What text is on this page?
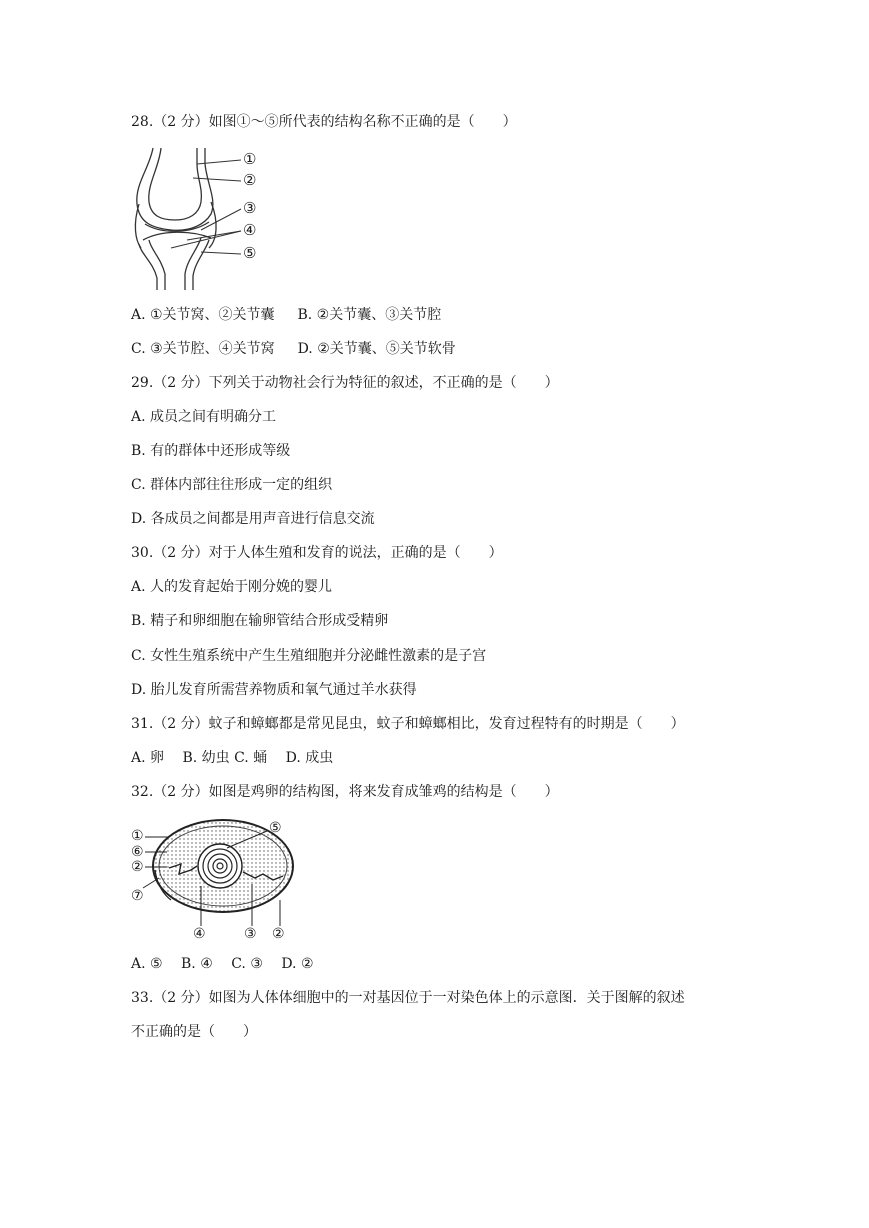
28.（2 分）如图①～⑤所代表的结构名称不正确的是（　　）
①
②
③
④
⑤
A. ①关节窝、②关节囊　  B. ②关节囊、③关节腔
C. ③关节腔、④关节窝　  D. ②关节囊、⑤关节软骨
29.（2 分）下列关于动物社会行为特征的叙述，不正确的是（　　）
A. 成员之间有明确分工
B. 有的群体中还形成等级
C. 群体内部往往形成一定的组织
D. 各成员之间都是用声音进行信息交流
30.（2 分）对于人体生殖和发育的说法，正确的是（　　）
A. 人的发育起始于刚分娩的婴儿
B. 精子和卵细胞在输卵管结合形成受精卵
C. 女性生殖系统中产生生殖细胞并分泌雌性激素的是子宫
D. 胎儿发育所需营养物质和氧气通过羊水获得
31.（2 分）蚊子和蟑螂都是常见昆虫，蚊子和蟑螂相比，发育过程特有的时期是（　　）
A. 卵　 B. 幼虫 C. 蛹　 D. 成虫
32.（2 分）如图是鸡卵的结构图，将来发育成雏鸡的结构是（　　）
①
⑥
②
⑦
⑤
④	③ ②
A. ⑤　 B. ④　 C. ③　 D. ②
33.（2 分）如图为人体体细胞中的一对基因位于一对染色体上的示意图．关于图解的叙述
不正确的是（　　）
